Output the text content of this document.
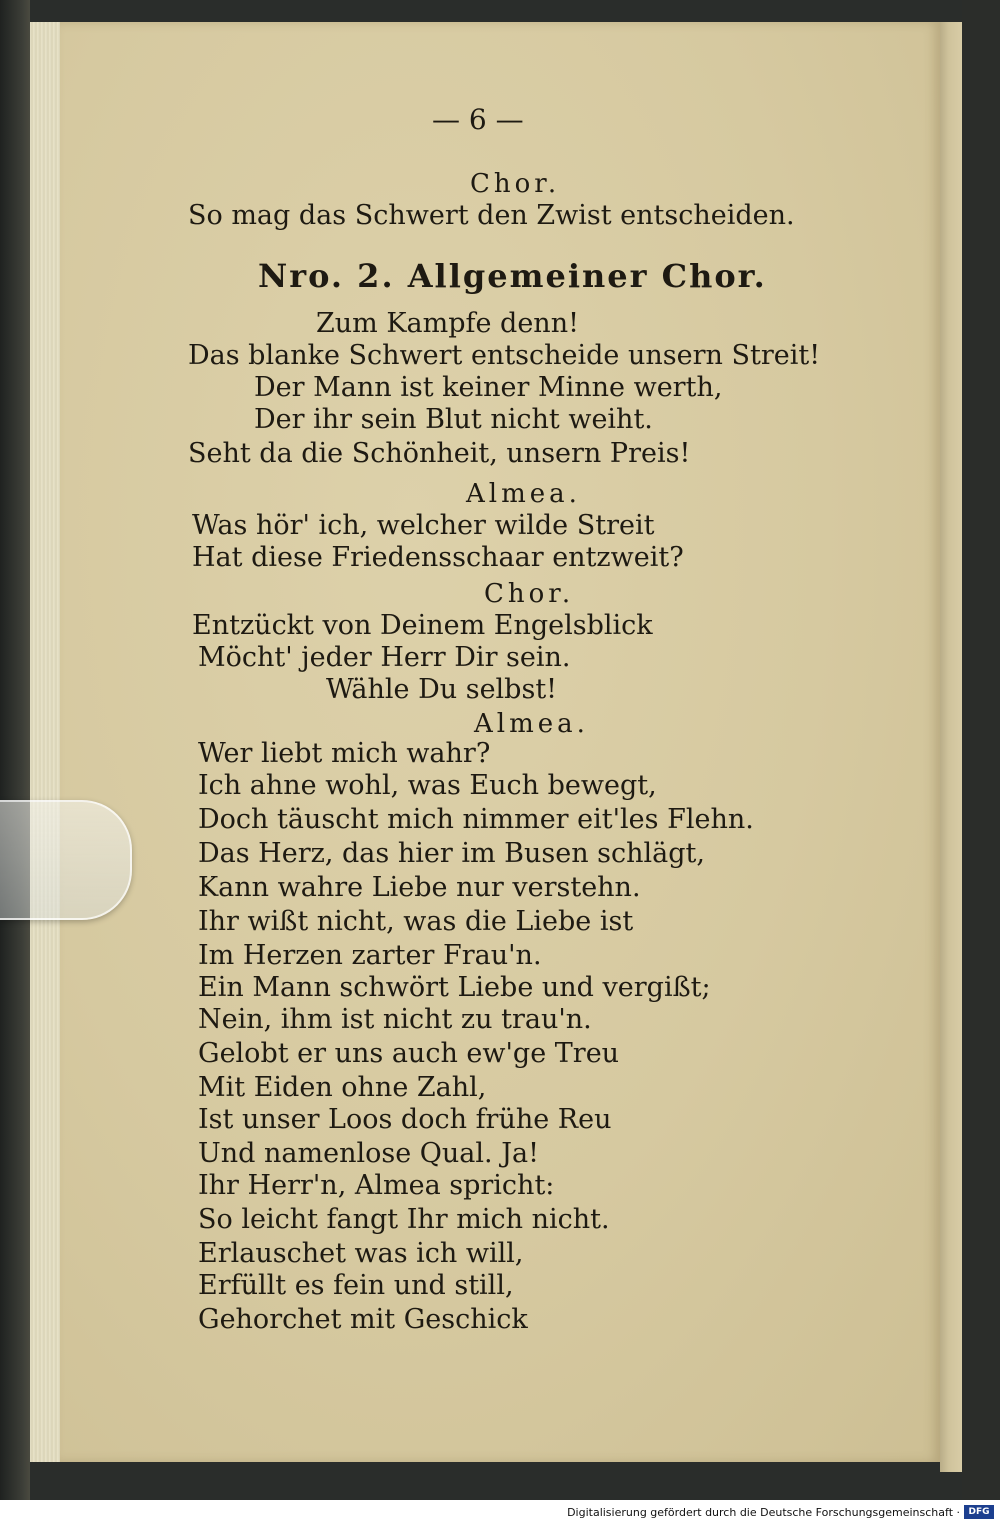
— 6 —
Chor.
So mag das Schwert den Zwist entscheiden.
Nro. 2. Allgemeiner Chor.
Zum Kampfe denn!
Das blanke Schwert entscheide unsern Streit!
Der Mann ist keiner Minne werth,
Der ihr sein Blut nicht weiht.
Seht da die Schönheit, unsern Preis!
Almea.
Was hör' ich, welcher wilde Streit
Hat diese Friedensschaar entzweit?
Chor.
Entzückt von Deinem Engelsblick
Möcht' jeder Herr Dir sein.
Wähle Du selbst!
Almea.
Wer liebt mich wahr?
Ich ahne wohl, was Euch bewegt,
Doch täuscht mich nimmer eit'les Flehn.
Das Herz, das hier im Busen schlägt,
Kann wahre Liebe nur verstehn.
Ihr wißt nicht, was die Liebe ist
Im Herzen zarter Frau'n.
Ein Mann schwört Liebe und vergißt;
Nein, ihm ist nicht zu trau'n.
Gelobt er uns auch ew'ge Treu
Mit Eiden ohne Zahl,
Ist unser Loos doch frühe Reu
Und namenlose Qual. Ja!
Ihr Herr'n, Almea spricht:
So leicht fangt Ihr mich nicht.
Erlauschet was ich will,
Erfüllt es fein und still,
Gehorchet mit Geschick
Digitalisierung gefördert durch die Deutsche Forschungsgemeinschaft · DFG
